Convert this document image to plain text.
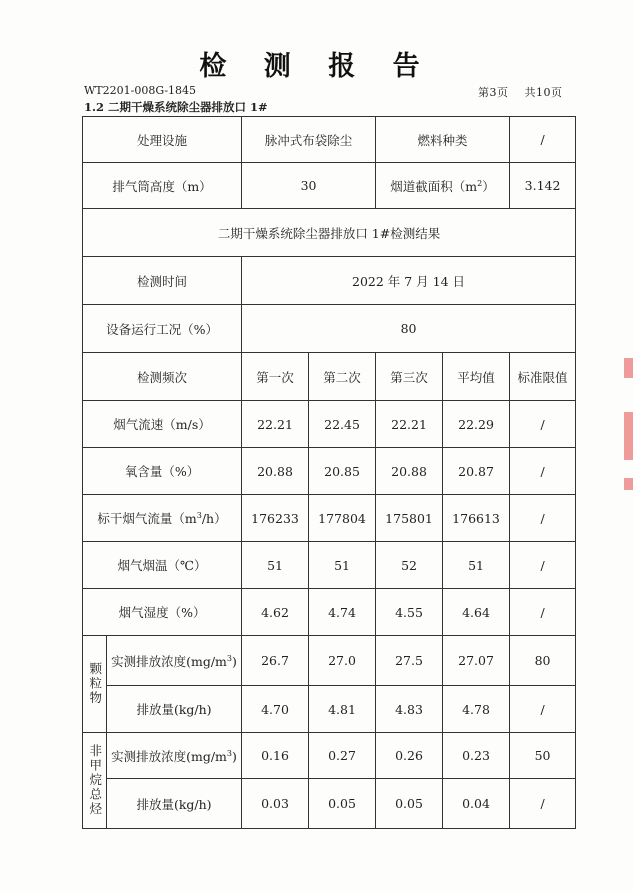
检 测 报 告
WT2201-008G-1845	第3页    共10页
1.2 二期干燥系统除尘器排放口 1#
处理设施		脉冲式布袋除尘		燃料种类		/
排气筒高度（m）		30		烟道截面积$(m^2)$		3.142
二期干燥系统除尘器排放口 1#检测结果						
检测时间		2022 年 7 月 14 日				
设备运行工况（%）		80				
检测频次		第一次	第二次	第三次	平均值	标准限值
烟气流速（m/s）		22.21	22.45	22.21	22.29	/
氧含量（%）		20.88	20.85	20.88	20.87	/
标干烟气流量$(m^3/h)$		176233	177804	175801	176613	/
烟气烟温（℃）		51	51	52	51	/
烟气湿度（%）		4.62	4.74	4.55	4.64	/

颗粒物	实测排放浓度$(mg/m^3)$	26.7	27.0	27.5	27.07	80
	排放量(kg/h)	4.70	4.81	4.83	4.78	/

非甲烷总烃	实测排放浓度$(mg/m^3)$	0.16	0.27	0.26	0.23	50
	排放量(kg/h)	0.03	0.05	0.05	0.04	/
